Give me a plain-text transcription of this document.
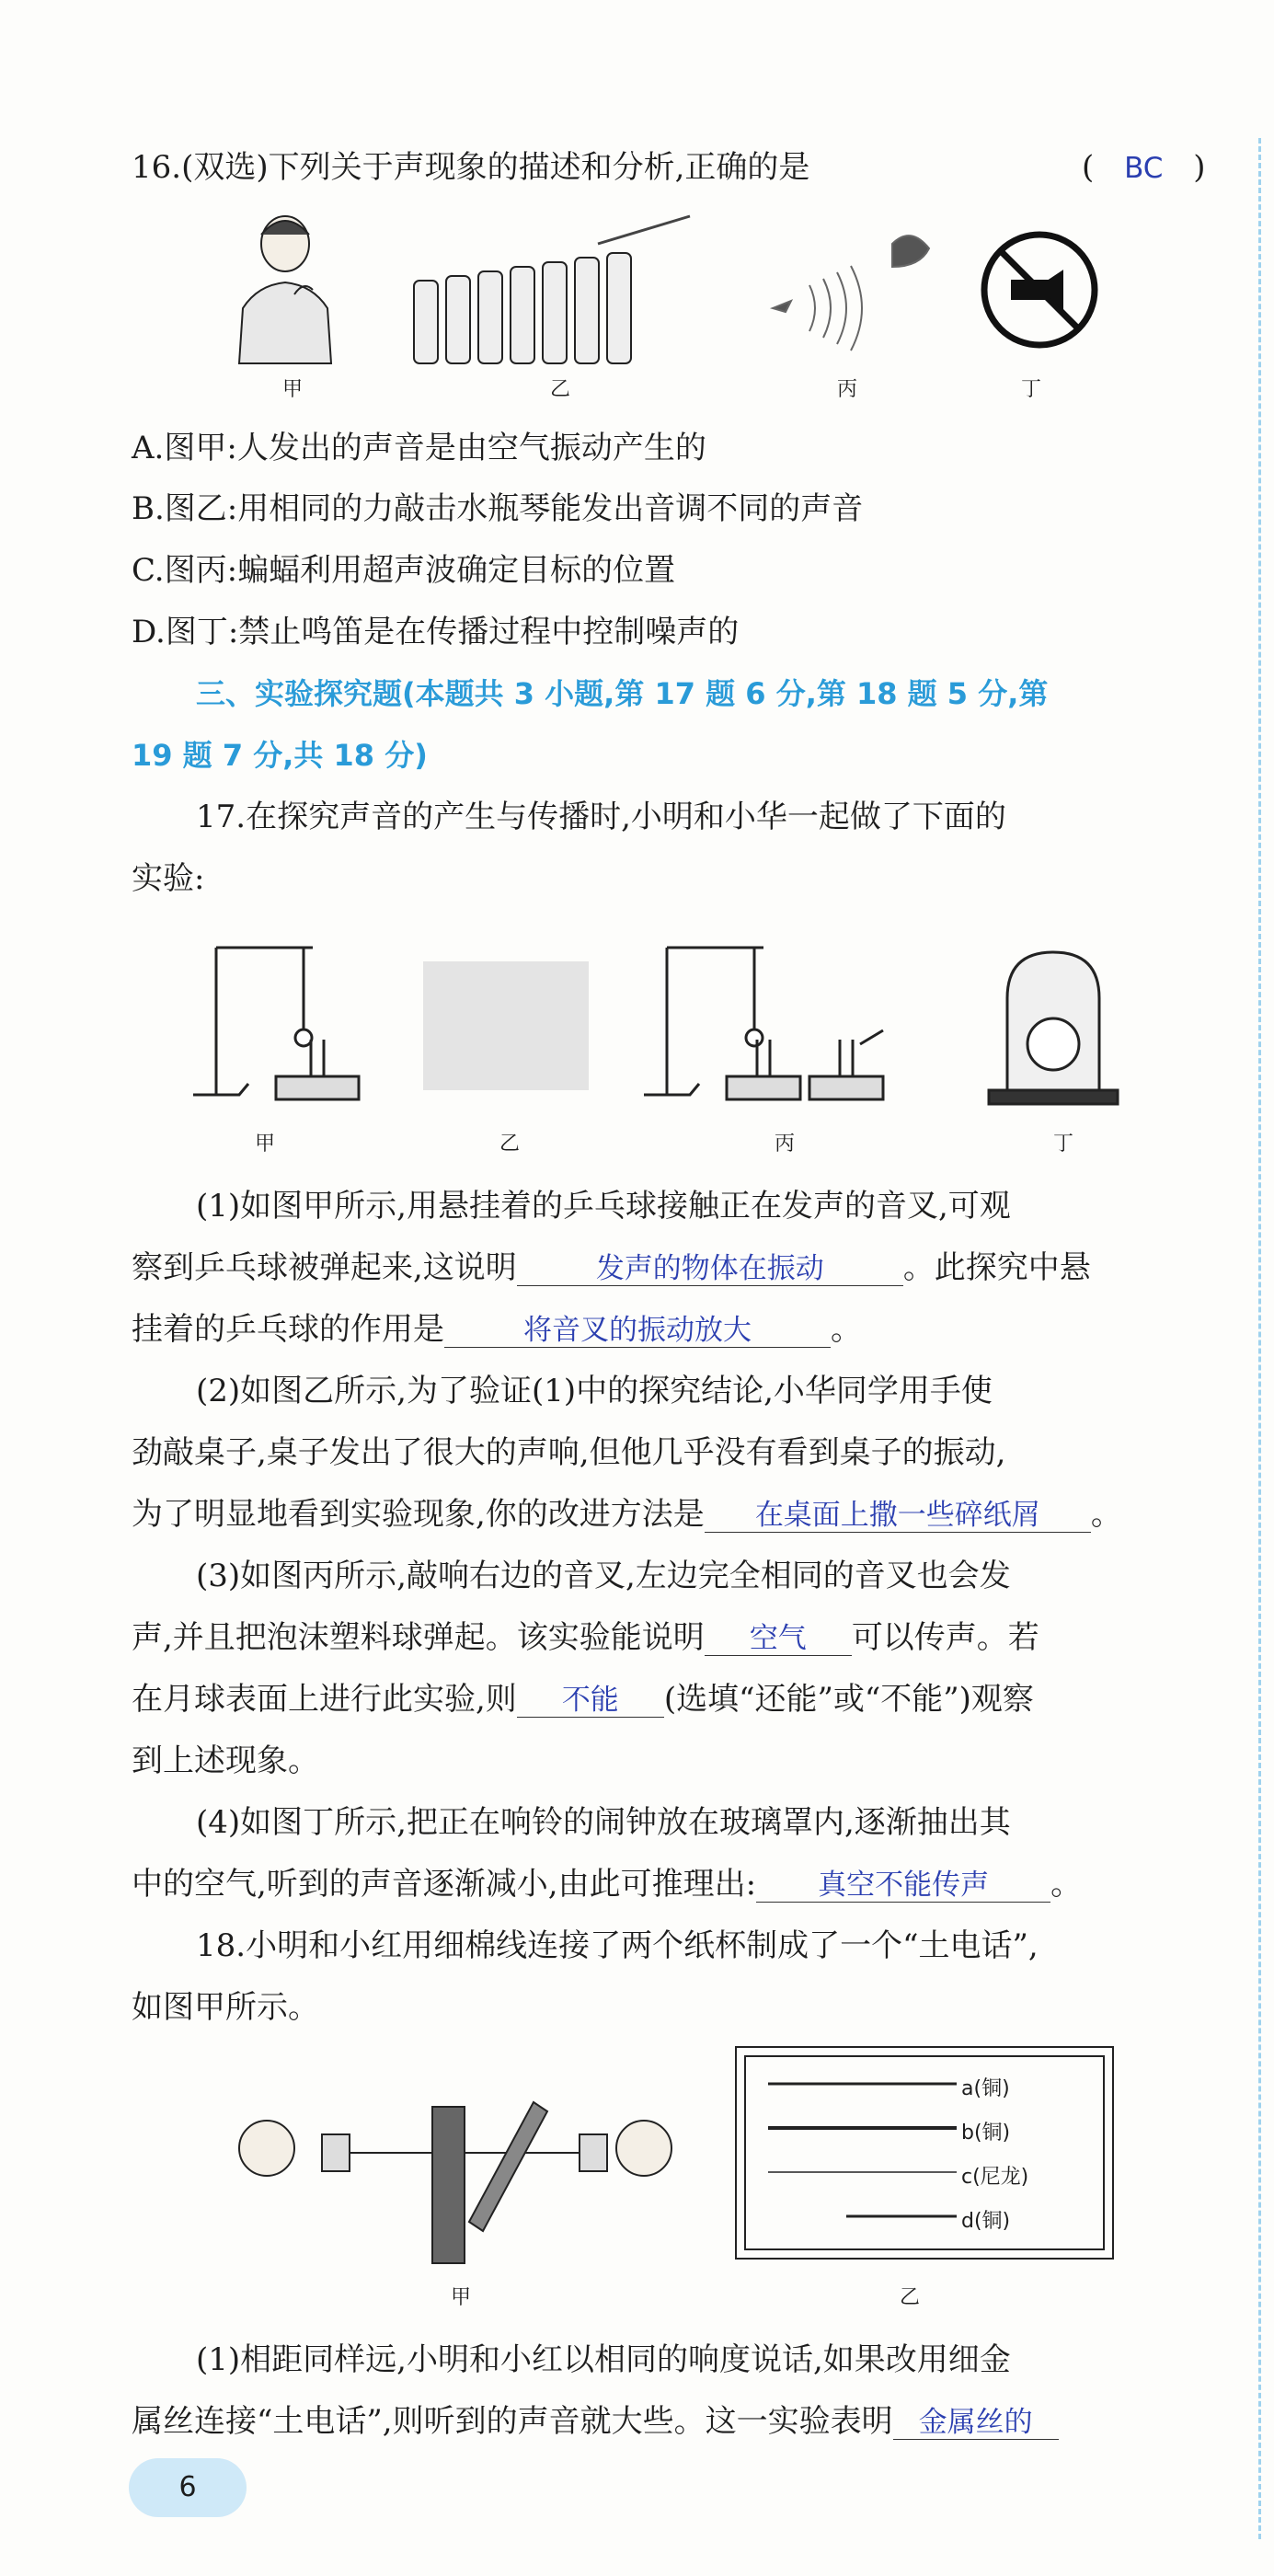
16.(双选)下列关于声现象的描述和分析,正确的是	( BC )
甲	乙	丙	丁
A.图甲:人发出的声音是由空气振动产生的
B.图乙:用相同的力敲击水瓶琴能发出音调不同的声音
C.图丙:蝙蝠利用超声波确定目标的位置
D.图丁:禁止鸣笛是在传播过程中控制噪声的
三、实验探究题(本题共 3 小题,第 17 题 6 分,第 18 题 5 分,第
19 题 7 分,共 18 分)
17.在探究声音的产生与传播时,小明和小华一起做了下面的
实验:
甲	乙	丙	丁
(1)如图甲所示,用悬挂着的乒乓球接触正在发声的音叉,可观
察到乒乓球被弹起来,这说明	发声的物体在振动	。此探究中悬
挂着的乒乓球的作用是	将音叉的振动放大	。
(2)如图乙所示,为了验证(1)中的探究结论,小华同学用手使
劲敲桌子,桌子发出了很大的声响,但他几乎没有看到桌子的振动,
为了明显地看到实验现象,你的改进方法是 在桌面上撒一些碎纸屑 。
(3)如图丙所示,敲响右边的音叉,左边完全相同的音叉也会发
声,并且把泡沫塑料球弹起。该实验能说明 空气 可以传声。若
在月球表面上进行此实验,则 不能 (选填“还能”或“不能”)观察
到上述现象。
(4)如图丁所示,把正在响铃的闹钟放在玻璃罩内,逐渐抽出其
中的空气,听到的声音逐渐减小,由此可推理出: 真空不能传声 。
18.小明和小红用细棉线连接了两个纸杯制成了一个“土电话”,
如图甲所示。
a(铜)
b(铜)
c(尼龙)
d(铜)
甲	乙
(1)相距同样远,小明和小红以相同的响度说话,如果改用细金
属丝连接“土电话”,则听到的声音就大些。这一实验表明 金属丝的
6
